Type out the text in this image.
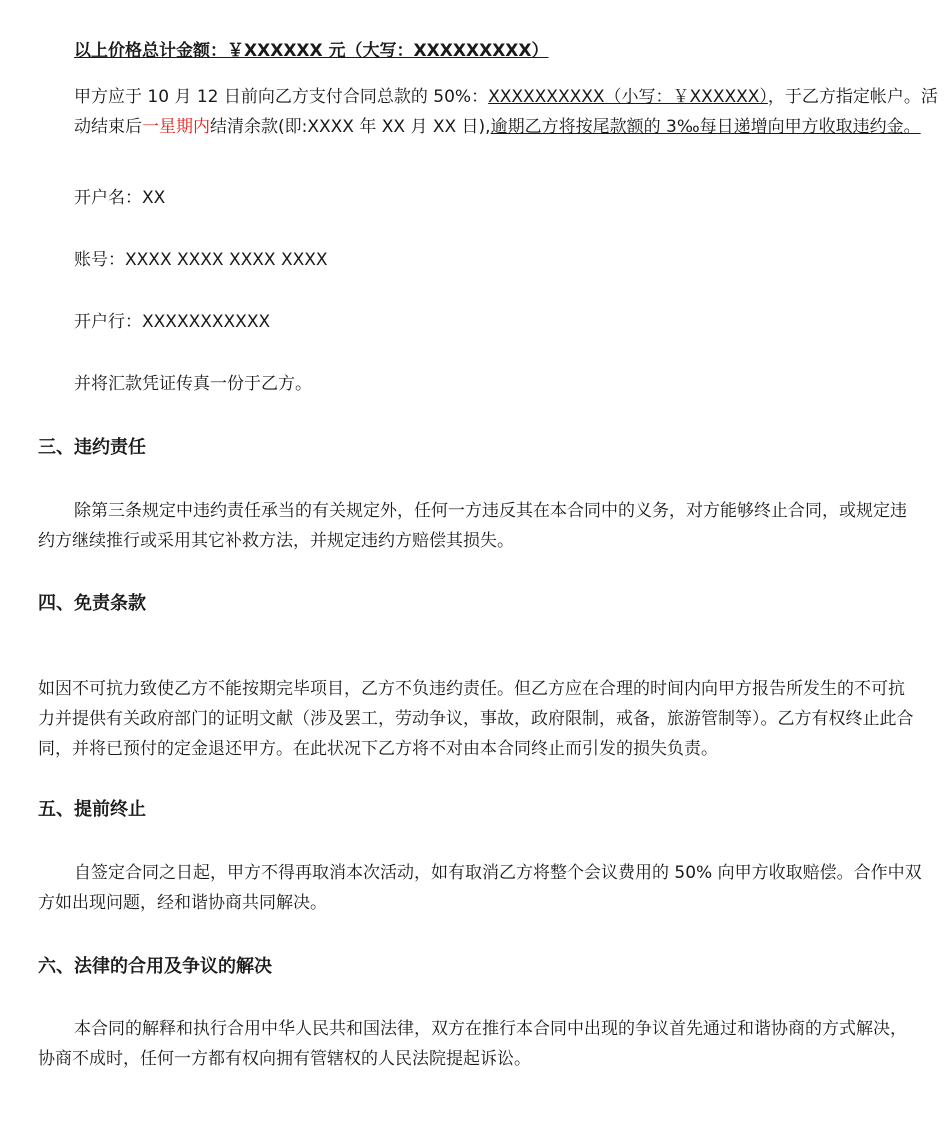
以上价格总计金额：￥XXXXXX 元（大写：XXXXXXXXX）
甲方应于 10 月 12 日前向乙方支付合同总款的 50%：XXXXXXXXXX（小写：￥XXXXXX），于乙方指定帐户。活动结束后一星期内结清余款(即:XXXX 年 XX 月 XX 日),逾期乙方将按尾款额的 3‰每日递增向甲方收取违约金。
开户名：XX
账号：XXXX XXXX XXXX XXXX
开户行：XXXXXXXXXXX
并将汇款凭证传真一份于乙方。
三、违约责任
除第三条规定中违约责任承当的有关规定外，任何一方违反其在本合同中的义务，对方能够终止合同，或规定违约方继续推行或采用其它补救方法，并规定违约方赔偿其损失。
四、免责条款
如因不可抗力致使乙方不能按期完毕项目，乙方不负违约责任。但乙方应在合理的时间内向甲方报告所发生的不可抗力并提供有关政府部门的证明文献（涉及罢工，劳动争议，事故，政府限制，戒备，旅游管制等）。乙方有权终止此合同，并将已预付的定金退还甲方。在此状况下乙方将不对由本合同终止而引发的损失负责。
五、提前终止
自签定合同之日起，甲方不得再取消本次活动，如有取消乙方将整个会议费用的 50% 向甲方收取赔偿。合作中双方如出现问题，经和谐协商共同解决。
六、法律的合用及争议的解决
本合同的解释和执行合用中华人民共和国法律，双方在推行本合同中出现的争议首先通过和谐协商的方式解决，协商不成时，任何一方都有权向拥有管辖权的人民法院提起诉讼。
